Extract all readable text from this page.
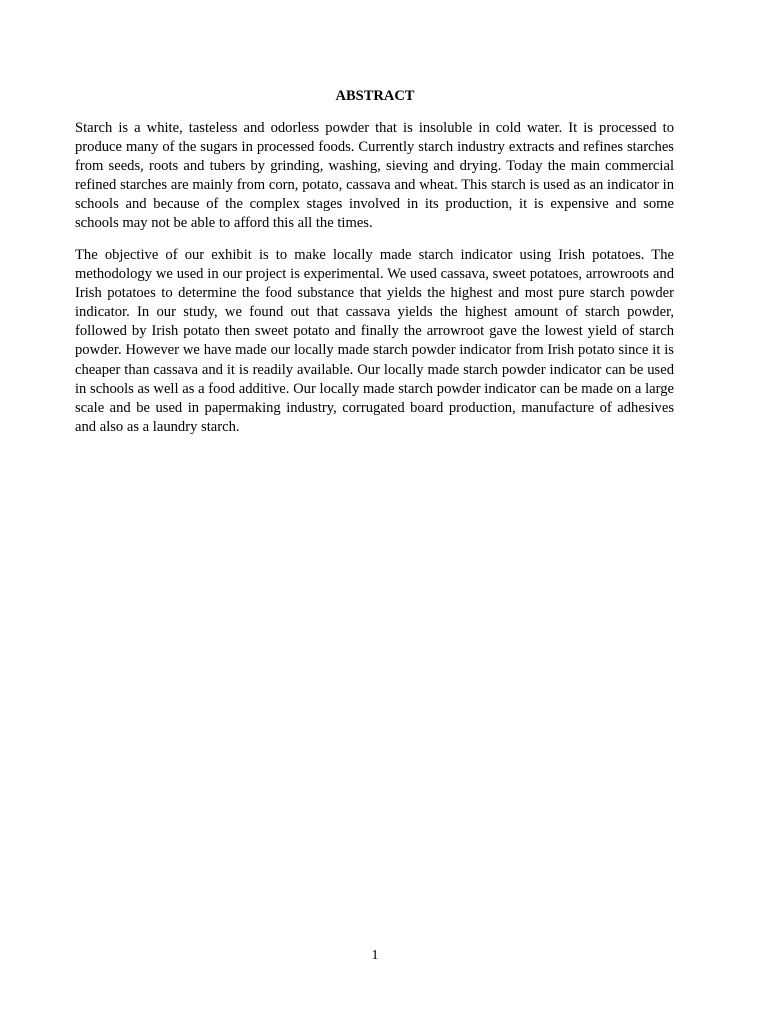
ABSTRACT

Starch is a white, tasteless and odorless powder that is insoluble in cold water. It is processed to produce many of the sugars in processed foods. Currently starch industry extracts and refines starches from seeds, roots and tubers by grinding, washing, sieving and drying. Today the main commercial refined starches are mainly from corn, potato, cassava and wheat. This starch is used as an indicator in schools and because of the complex stages involved in its production, it is expensive and some schools may not be able to afford this all the times.

The objective of our exhibit is to make locally made starch indicator using Irish potatoes. The methodology we used in our project is experimental. We used cassava, sweet potatoes, arrowroots and Irish potatoes to determine the food substance that yields the highest and most pure starch powder indicator. In our study, we found out that cassava yields the highest amount of starch powder, followed by Irish potato then sweet potato and finally the arrowroot gave the lowest yield of starch powder. However we have made our locally made starch powder indicator from Irish potato since it is cheaper than cassava and it is readily available. Our locally made starch powder indicator can be used in schools as well as a food additive. Our locally made starch powder indicator can be made on a large scale and be used in papermaking industry, corrugated board production, manufacture of adhesives and also as a laundry starch.

1
